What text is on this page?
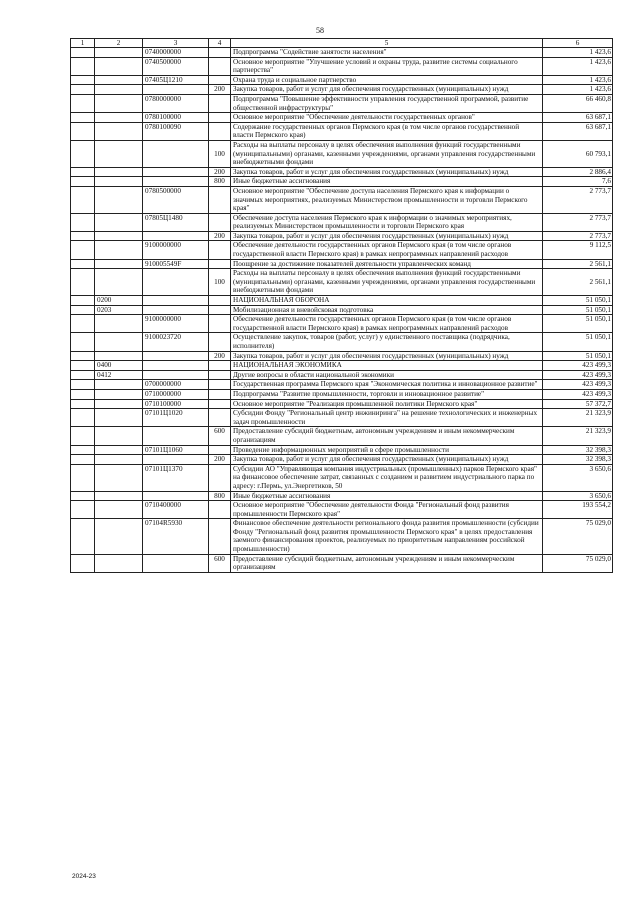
58
1	2	3	4	5	6
		0740000000		Подпрограмма "Содействие занятости населения"	1 423,6
		0740500000		Основное мероприятие "Улучшение условий и охраны труда, развитие системы социального партнерства"	1 423,6
		07405Ц1210		Охрана труда и социальное партнерство	1 423,6
			200	Закупка товаров, работ и услуг для обеспечения государственных (муниципальных) нужд	1 423,6
		0780000000		Подпрограмма "Повышение эффективности управления государственной программой, развитие общественной инфраструктуры"	66 460,8
		0780100000		Основное мероприятие "Обеспечение деятельности государственных органов"	63 687,1
		0780100090		Содержание государственных органов Пермского края (в том числе органов государственной власти Пермского края)	63 687,1
			100	Расходы на выплаты персоналу в целях обеспечения выполнения функций государственными (муниципальными) органами, казенными учреждениями, органами управления государственными внебюджетными фондами	60 793,1
			200	Закупка товаров, работ и услуг для обеспечения государственных (муниципальных) нужд	2 886,4
			800	Иные бюджетные ассигнования	7,6
		0780500000		Основное мероприятие "Обеспечение доступа населения Пермского края к информации о значимых мероприятиях, реализуемых Министерством промышленности и торговли Пермского края"	2 773,7
		07805Ц1480		Обеспечение доступа населения Пермского края к информации о значимых мероприятиях, реализуемых Министерством промышленности и торговли Пермского края	2 773,7
			200	Закупка товаров, работ и услуг для обеспечения государственных (муниципальных) нужд	2 773,7
		9100000000		Обеспечение деятельности государственных органов Пермского края (в том числе органов государственной власти Пермского края) в рамках непрограммных направлений расходов	9 112,5
		910005549F		Поощрение за достижение показателей деятельности управленческих команд	2 561,1
			100	Расходы на выплаты персоналу в целях обеспечения выполнения функций государственными (муниципальными) органами, казенными учреждениями, органами управления государственными внебюджетными фондами	2 561,1
	0200			НАЦИОНАЛЬНАЯ ОБОРОНА	51 050,1
	0203			Мобилизационная и вневойсковая подготовка	51 050,1
		9100000000		Обеспечение деятельности государственных органов Пермского края (в том числе органов государственной власти Пермского края) в рамках непрограммных направлений расходов	51 050,1
		9100023720		Осуществление закупок, товаров (работ, услуг) у единственного поставщика (подрядчика, исполнителя)	51 050,1
			200	Закупка товаров, работ и услуг для обеспечения государственных (муниципальных) нужд	51 050,1
	0400			НАЦИОНАЛЬНАЯ ЭКОНОМИКА	423 499,3
	0412			Другие вопросы в области национальной экономики	423 499,3
		0700000000		Государственная программа Пермского края "Экономическая политика и инновационное развитие"	423 499,3
		0710000000		Подпрограмма "Развитие промышленности, торговли и инновационное развитие"	423 499,3
		0710100000		Основное мероприятие "Реализация промышленной политики Пермского края"	57 372,7
		07101Ц1020		Субсидии Фонду "Региональный центр инжиниринга" на решение технологических и инженерных задач промышленности	21 323,9
			600	Предоставление субсидий бюджетным, автономным учреждениям и иным некоммерческим организациям	21 323,9
		07101Ц1060		Проведение информационных мероприятий в сфере промышленности	32 398,3
			200	Закупка товаров, работ и услуг для обеспечения государственных (муниципальных) нужд	32 398,3
		07101Ц1370		Субсидии АО "Управляющая компания индустриальных (промышленных) парков Пермского края" на финансовое обеспечение затрат, связанных с созданием и развитием индустриального парка по адресу: г.Пермь, ул.Энергетиков, 50	3 650,6
			800	Иные бюджетные ассигнования	3 650,6
		0710400000		Основное мероприятие "Обеспечение деятельности Фонда "Региональный фонд развития промышленности Пермского края"	193 554,2
		07104R5930		Финансовое обеспечение деятельности регионального фонда развития промышленности (субсидии Фонду "Региональный фонд развития промышленности Пермского края" в целях предоставления заемного финансирования проектов, реализуемых по приоритетным направлениям российской промышленности)	75 029,0
			600	Предоставление субсидий бюджетным, автономным учреждениям и иным некоммерческим организациям	75 029,0
2024-23
